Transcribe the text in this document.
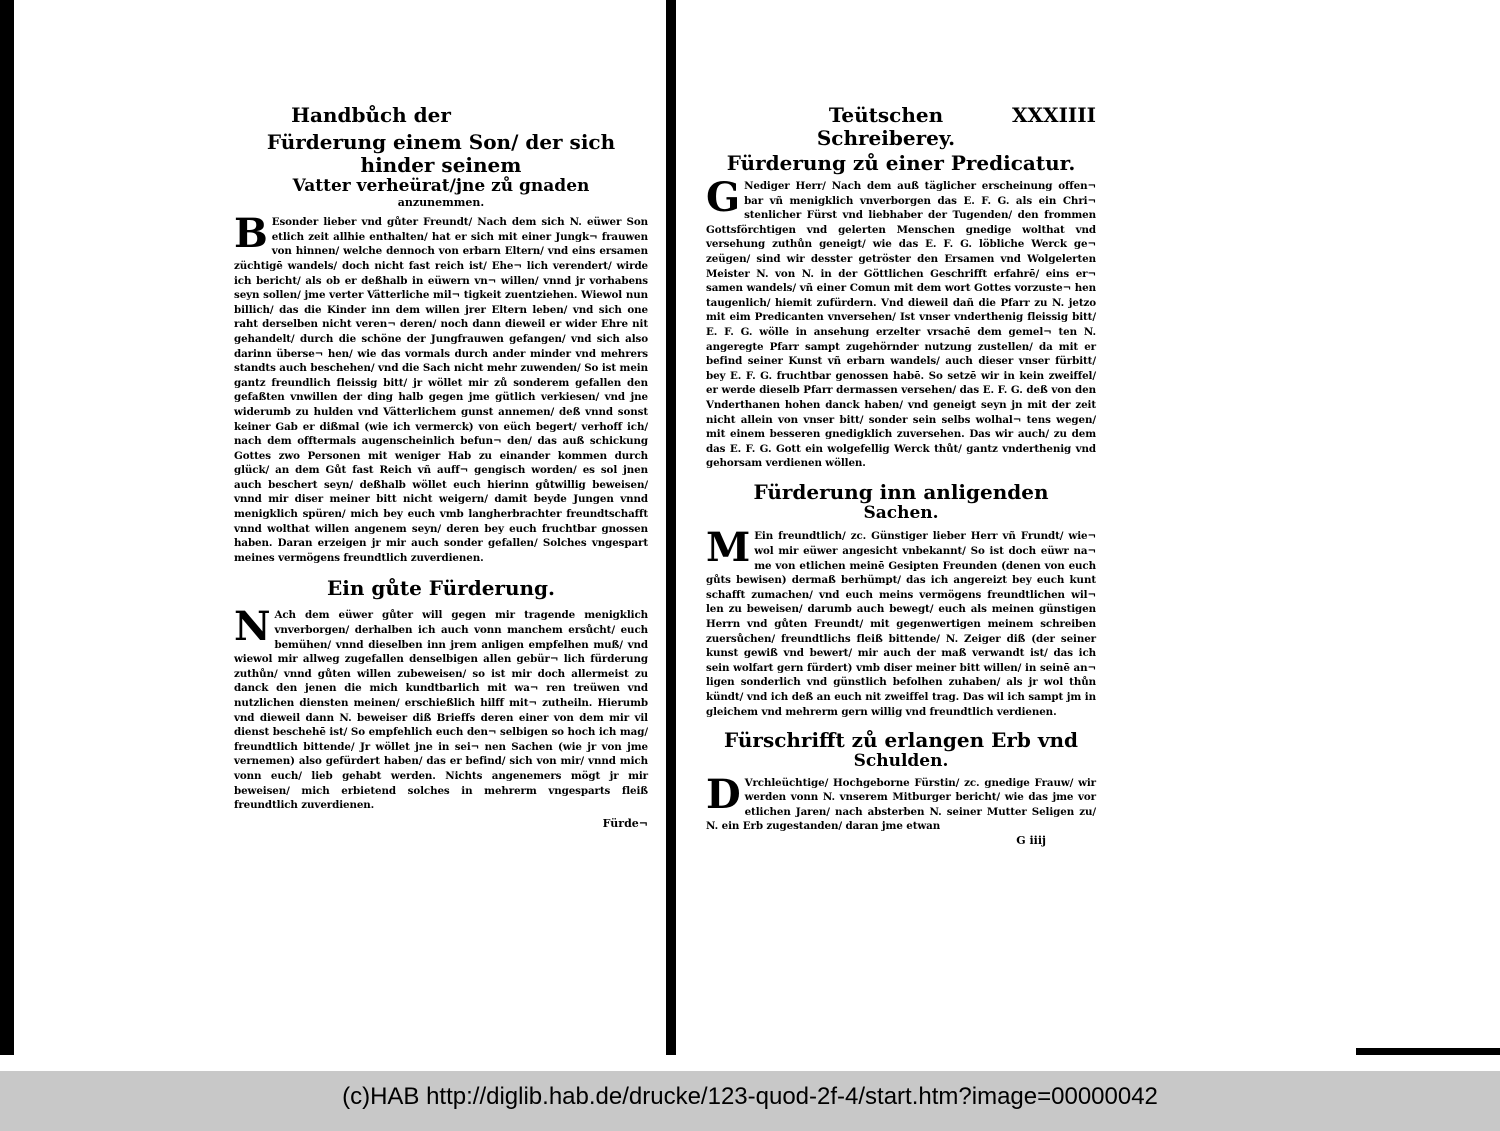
Handbůch der
Fürderung einem Son/ der sich hinder seinem
Vatter verheürat/jne zů gnaden
anzunemmen.

B Esonder lieber vnd gůter Freundt/ Nach dem sich N. eüwer Son etlich zeit allhie enthalten/ hat er sich mit einer Jungk¬ frauwen von hinnen/ welche dennoch von erbarn Eltern/ vnd eins ersamen züchtigē wandels/ doch nicht fast reich ist/ Ehe¬ lich verendert/ wirde ich bericht/ als ob er deßhalb in eüwern vn¬ willen/ vnnd jr vorhabens seyn sollen/ jme verter Vätterliche mil¬ tigkeit zuentziehen. Wiewol nun billich/ das die Kinder inn dem willen jrer Eltern leben/ vnd sich one raht derselben nicht veren¬ deren/ noch dann dieweil er wider Ehre nit gehandelt/ durch die schöne der Jungfrauwen gefangen/ vnd sich also darinn überse¬ hen/ wie das vormals durch ander minder vnd mehrers standts auch beschehen/ vnd die Sach nicht mehr zuwenden/ So ist mein gantz freundlich fleissig bitt/ jr wöllet mir zů sonderem gefallen den gefaßten vnwillen der ding halb gegen jme gütlich verkiesen/ vnd jne widerumb zu hulden vnd Vätterlichem gunst annemen/ deß vnnd sonst keiner Gab er dißmal (wie ich vermerck) von eüch begert/ verhoff ich/ nach dem offtermals augenscheinlich befun¬ den/ das auß schickung Gottes zwo Personen mit weniger Hab zu einander kommen durch glück/ an dem Gůt fast Reich vñ auff¬ gengisch worden/ es sol jnen auch beschert seyn/ deßhalb wöllet euch hierinn gůtwillig beweisen/ vnnd mir diser meiner bitt nicht weigern/ damit beyde Jungen vnnd menigklich spüren/ mich bey euch vmb langherbrachter freundtschafft vnnd wolthat willen angenem seyn/ deren bey euch fruchtbar gnossen haben. Daran erzeigen jr mir auch sonder gefallen/ Solches vngespart meines vermögens freundtlich zuverdienen.

Ein gůte Fürderung.

N Ach dem eüwer gůter will gegen mir tragende menigklich vnverborgen/ derhalben ich auch vonn manchem ersůcht/ euch bemühen/ vnnd dieselben inn jrem anligen empfelhen muß/ vnd wiewol mir allweg zugefallen denselbigen allen gebür¬ lich fürderung zuthůn/ vnnd gůten willen zubeweisen/ so ist mir doch allermeist zu danck den jenen die mich kundtbarlich mit wa¬ ren treüwen vnd nutzlichen diensten meinen/ erschießlich hilff mit¬ zutheiln. Hierumb vnd dieweil dann N. beweiser diß Brieffs deren einer von dem mir vil dienst beschehē ist/ So empfehlich euch den¬ selbigen so hoch ich mag/ freundtlich bittende/ Jr wöllet jne in sei¬ nen Sachen (wie jr von jme vernemen) also gefürdert haben/ das er befind/ sich von mir/ vnnd mich vonn euch/ lieb gehabt werden. Nichts angenemers mögt jr mir beweisen/ mich erbietend solches in mehrerm vngesparts fleiß freundtlich zuverdienen.

Fürde¬
Teütschen Schreiberey.
XXXIIII
Fürderung zů einer Predicatur.

G Nediger Herr/ Nach dem auß täglicher erscheinung offen¬ bar vñ menigklich vnverborgen das E. F. G. als ein Chri¬ stenlicher Fürst vnd liebhaber der Tugenden/ den frommen Gottsförchtigen vnd gelerten Menschen gnedige wolthat vnd versehung zuthůn geneigt/ wie das E. F. G. löbliche Werck ge¬ zeügen/ sind wir desster getröster den Ersamen vnd Wolgelerten Meister N. von N. in der Göttlichen Geschrifft erfahrē/ eins er¬ samen wandels/ vñ einer Comun mit dem wort Gottes vorzuste¬ hen taugenlich/ hiemit zufürdern. Vnd dieweil dañ die Pfarr zu N. jetzo mit eim Predicanten vnversehen/ Ist vnser vnderthenig fleissig bitt/ E. F. G. wölle in ansehung erzelter vrsachē dem gemel¬ ten N. angeregte Pfarr sampt zugehörnder nutzung zustellen/ da mit er befind seiner Kunst vñ erbarn wandels/ auch dieser vnser fürbitt/ bey E. F. G. fruchtbar genossen habē. So setzē wir in kein zweiffel/ er werde dieselb Pfarr dermassen versehen/ das E. F. G. deß von den Vnderthanen hohen danck haben/ vnd geneigt seyn jn mit der zeit nicht allein von vnser bitt/ sonder sein selbs wolhal¬ tens wegen/ mit einem besseren gnedigklich zuversehen. Das wir auch/ zu dem das E. F. G. Gott ein wolgefellig Werck thůt/ gantz vnderthenig vnd gehorsam verdienen wöllen.

Fürderung inn anligenden
Sachen.

M Ein freundtlich/ zc. Günstiger lieber Herr vñ Frundt/ wie¬ wol mir eüwer angesicht vnbekannt/ So ist doch eüwr na¬ me von etlichen meinē Gesipten Freunden (denen von euch gůts bewisen) dermaß berhümpt/ das ich angereizt bey euch kunt schafft zumachen/ vnd euch meins vermögens freundtlichen wil¬ len zu beweisen/ darumb auch bewegt/ euch als meinen günstigen Herrn vnd gůten Freundt/ mit gegenwertigen meinem schreiben zuersůchen/ freundtlichs fleiß bittende/ N. Zeiger diß (der seiner kunst gewiß vnd bewert/ mir auch der maß verwandt ist/ das ich sein wolfart gern fürdert) vmb diser meiner bitt willen/ in seinē an¬ ligen sonderlich vnd günstlich befolhen zuhaben/ als jr wol thůn kündt/ vnd ich deß an euch nit zweiffel trag. Das wil ich sampt jm in gleichem vnd mehrerm gern willig vnd freundtlich verdienen.

Fürschrifft zů erlangen Erb vnd
Schulden.

D Vrchleüchtige/ Hochgeborne Fürstin/ zc. gnedige Frauw/ wir werden vonn N. vnserem Mitburger bericht/ wie das jme vor etlichen Jaren/ nach absterben N. seiner Mutter Seligen zu/ N. ein Erb zugestanden/ daran jme etwan

G iiij
(c)HAB http://diglib.hab.de/drucke/123-quod-2f-4/start.htm?image=00000042
